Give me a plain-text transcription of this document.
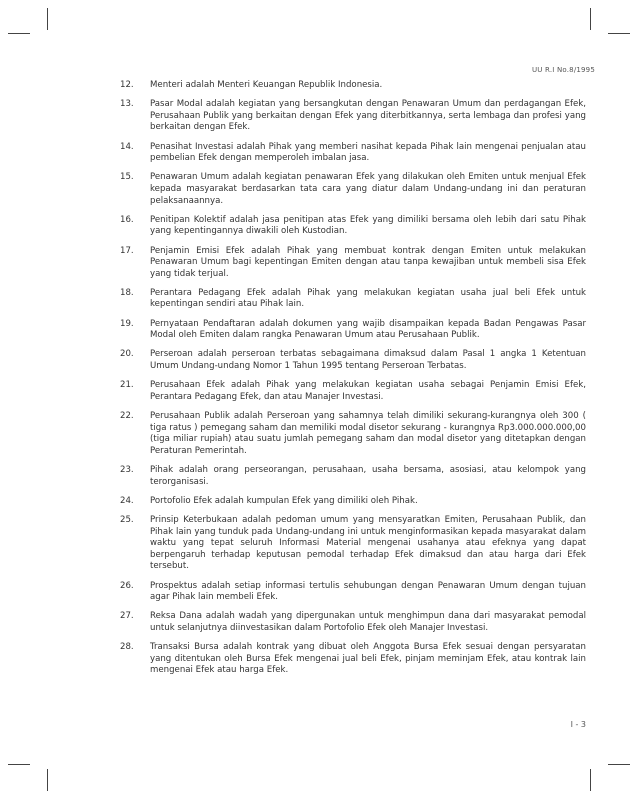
UU R.I No.8/1995
12. Menteri adalah Menteri Keuangan Republik Indonesia.
13. Pasar Modal adalah kegiatan yang bersangkutan dengan Penawaran Umum dan perdagangan Efek, Perusahaan Publik yang berkaitan dengan Efek yang diterbitkannya, serta lembaga dan profesi yang berkaitan dengan Efek.
14. Penasihat Investasi adalah Pihak yang memberi nasihat kepada Pihak lain mengenai penjualan atau pembelian Efek dengan memperoleh imbalan jasa.
15. Penawaran Umum adalah kegiatan penawaran Efek yang dilakukan oleh Emiten untuk menjual Efek kepada masyarakat berdasarkan tata cara yang diatur dalam Undang-undang ini dan peraturan pelaksanaannya.
16. Penitipan Kolektif adalah jasa penitipan atas Efek yang dimiliki bersama oleh lebih dari satu Pihak yang kepentingannya diwakili oleh Kustodian.
17. Penjamin Emisi Efek adalah Pihak yang membuat kontrak dengan Emiten untuk melakukan Penawaran Umum bagi kepentingan Emiten dengan atau tanpa kewajiban untuk membeli sisa Efek yang tidak terjual.
18. Perantara Pedagang Efek adalah Pihak yang melakukan kegiatan usaha jual beli Efek untuk kepentingan sendiri atau Pihak lain.
19. Pernyataan Pendaftaran adalah dokumen yang wajib disampaikan kepada Badan Pengawas Pasar Modal oleh Emiten dalam rangka Penawaran Umum atau Perusahaan Publik.
20. Perseroan adalah perseroan terbatas sebagaimana dimaksud dalam Pasal 1 angka 1 Ketentuan Umum Undang-undang Nomor 1 Tahun 1995 tentang Perseroan Terbatas.
21. Perusahaan Efek adalah Pihak yang melakukan kegiatan usaha sebagai Penjamin Emisi Efek, Perantara Pedagang Efek, dan atau Manajer Investasi.
22. Perusahaan Publik adalah Perseroan yang sahamnya telah dimiliki sekurang-kurangnya oleh 300 ( tiga ratus ) pemegang saham dan memiliki modal disetor sekurang - kurangnya Rp3.000.000.000,00 (tiga miliar rupiah) atau suatu jumlah pemegang saham dan modal disetor yang ditetapkan dengan Peraturan Pemerintah.
23. Pihak adalah orang perseorangan, perusahaan, usaha bersama, asosiasi, atau kelompok yang terorganisasi.
24. Portofolio Efek adalah kumpulan Efek yang dimiliki oleh Pihak.
25. Prinsip Keterbukaan adalah pedoman umum yang mensyaratkan Emiten, Perusahaan Publik, dan Pihak lain yang tunduk pada Undang-undang ini untuk menginformasikan kepada masyarakat dalam waktu yang tepat seluruh Informasi Material mengenai usahanya atau efeknya yang dapat berpengaruh terhadap keputusan pemodal terhadap Efek dimaksud dan atau harga dari Efek tersebut.
26. Prospektus adalah setiap informasi tertulis sehubungan dengan Penawaran Umum dengan tujuan agar Pihak lain membeli Efek.
27. Reksa Dana adalah wadah yang dipergunakan untuk menghimpun dana dari masyarakat pemodal untuk selanjutnya diinvestasikan dalam Portofolio Efek oleh Manajer Investasi.
28. Transaksi Bursa adalah kontrak yang dibuat oleh Anggota Bursa Efek sesuai dengan persyaratan yang ditentukan oleh Bursa Efek mengenai jual beli Efek, pinjam meminjam Efek, atau kontrak lain mengenai Efek atau harga Efek.
I - 3
